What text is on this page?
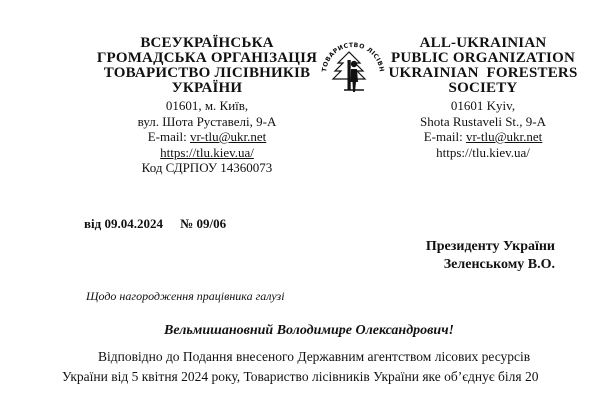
ВСЕУКРАЇНСЬКА
ГРОМАДСЬКА ОРГАНІЗАЦІЯ
ТОВАРИСТВО ЛІСІВНИКІВ
УКРАЇНИ
01601, м. Київ,
вул. Шота Руставелі, 9-А
E-mail: vr-tlu@ukr.net
https://tlu.kiev.ua/
Код СДРПОУ 14360073
ТОВАРИСТВО ЛІСІВН
ALL-UKRAINIAN
PUBLIC ORGANIZATION
UKRAINIAN  FORESTERS
SOCIETY
01601 Kyiv,
Shota Rustaveli St., 9-A
E-mail: vr-tlu@ukr.net
https://tlu.kiev.ua/
від 09.04.2024 № 09/06
Президенту України
Зеленському В.О.
Щодо нагородження працівника галузі
Вельмишановний Володимире Олександрович!
Відповідно до Подання внесеного Державним агентством лісових ресурсів
України від 5 квітня 2024 року, Товариство лісівників України яке об’єднує біля 20
